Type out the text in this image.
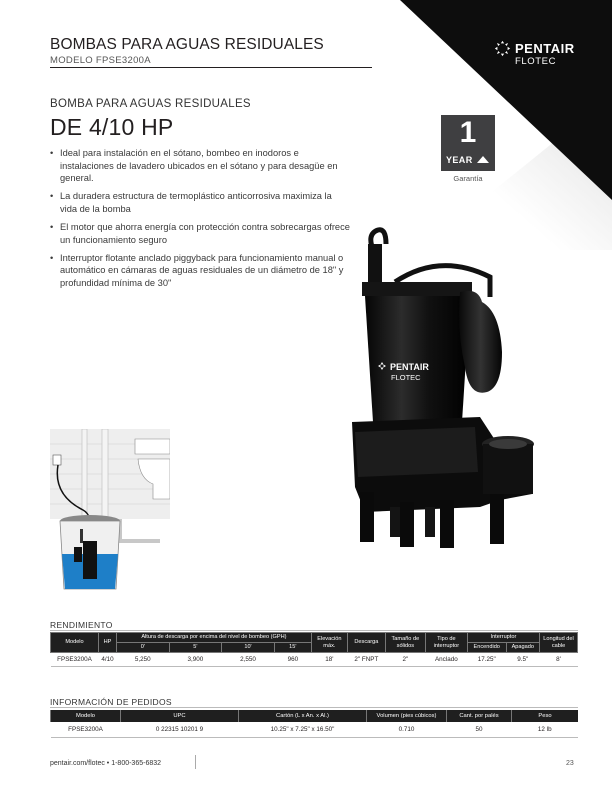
BOMBAS PARA AGUAS RESIDUALES
MODELO FPSE3200A
PENTAIR
FLOTEC
BOMBA PARA AGUAS RESIDUALES
DE 4/10 HP
• Ideal para instalación en el sótano, bombeo en inodoros e instalaciones de lavadero ubicados en el sótano y para desagüe en general.
• La duradera estructura de termoplástico anticorrosiva maximiza la vida de la bomba
• El motor que ahorra energía con protección contra sobrecargas ofrece un funcionamiento seguro
• Interruptor flotante anclado piggyback para funcionamiento manual o automático en cámaras de aguas residuales de un diámetro de 18" y profundidad mínima de 30"
1
YEAR
Garantía
PENTAIR
FLOTEC
RENDIMIENTO
Modelo	HP	Altura de descarga por encima del nivel de bombeo (GPH)				Elevación máx.	Descarga	Tamaño de sólidos	Tipo de interruptor	Interruptor		Longitud del cable
		0'	5'	10'	15'					Encendido	Apagado	
FPSE3200A	4/10	5,250	3,900	2,550	960	18'	2" FNPT	2"	Anclado	17.25"	9.5"	8'
INFORMACIÓN DE PEDIDOS
Modelo	UPC	Cartón (L x An. x Al.)	Volumen (pies cúbicos)	Cant. por palés	Peso
FPSE3200A	0 22315 10201 9	10.25" x 7.25" x 16.50"	0.710	50	12 lb
pentair.com/flotec • 1-800-365-6832	23
